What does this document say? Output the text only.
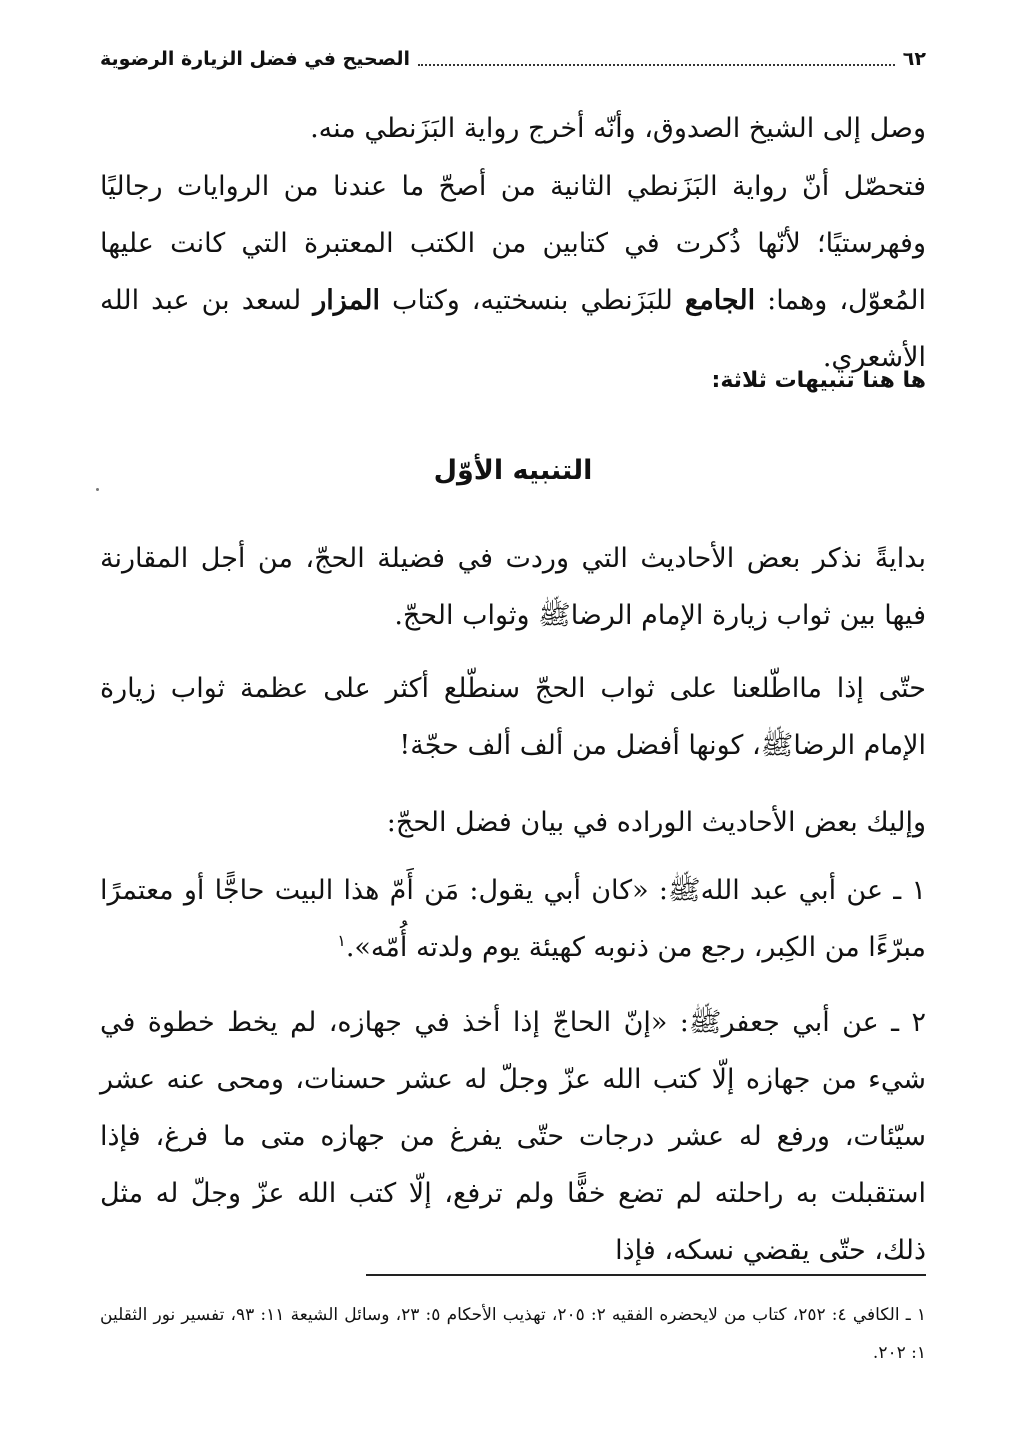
٦٢
الصحيح في فضل الزيارة الرضوية

وصل إلى الشيخ الصدوق، وأنّه أخرج رواية البَزَنطي منه.

فتحصّل أنّ رواية البَزَنطي الثانية من أصحّ ما عندنا من الروايات رجاليًا وفهرستيًا؛ لأنّها ذُكرت في كتابين من الكتب المعتبرة التي كانت عليها المُعوّل، وهما: الجامع للبَزَنطي بنسختيه، وكتاب المزار لسعد بن عبد الله الأشعري.

ها هنا تنبيهات ثلاثة:

التنبيه الأوّل

بدايةً نذكر بعض الأحاديث التي وردت في فضيلة الحجّ، من أجل المقارنة فيها بين ثواب زيارة الإمام الرضا‎ﷺ وثواب الحجّ.

حتّى إذا مااطّلعنا على ثواب الحجّ سنطّلع أكثر على عظمة ثواب زيارة الإمام الرضا‎ﷺ، كونها أفضل من ألف ألف حجّة!

وإليك بعض الأحاديث الوراده في بيان فضل الحجّ:

١ ـ عن أبي عبد الله‎ﷺ: «كان أبي يقول: مَن أَمّ هذا البيت حاجًّا أو معتمرًا مبرّءًا من الكِبر، رجع من ذنوبه كهيئة يوم ولدته أُمّه».$^١$

٢ ـ عن أبي جعفر‎ﷺ: «إنّ الحاجّ إذا أخذ في جهازه، لم يخط خطوة في شيء من جهازه إلّا كتب الله عزّ وجلّ له عشر حسنات، ومحى عنه عشر سيّئات، ورفع له عشر درجات حتّى يفرغ من جهازه متى ما فرغ، فإذا استقبلت به راحلته لم تضع خفًّا ولم ترفع، إلّا كتب الله عزّ وجلّ له مثل ذلك، حتّى يقضي نسكه، فإذا

١ ـ الكافي ٤: ٢٥٢، كتاب من لايحضره الفقيه ٢: ٢٠٥، تهذيب الأحكام ٥: ٢٣، وسائل الشيعة ١١: ٩٣، تفسير نور الثقلين ١: ٢٠٢.
